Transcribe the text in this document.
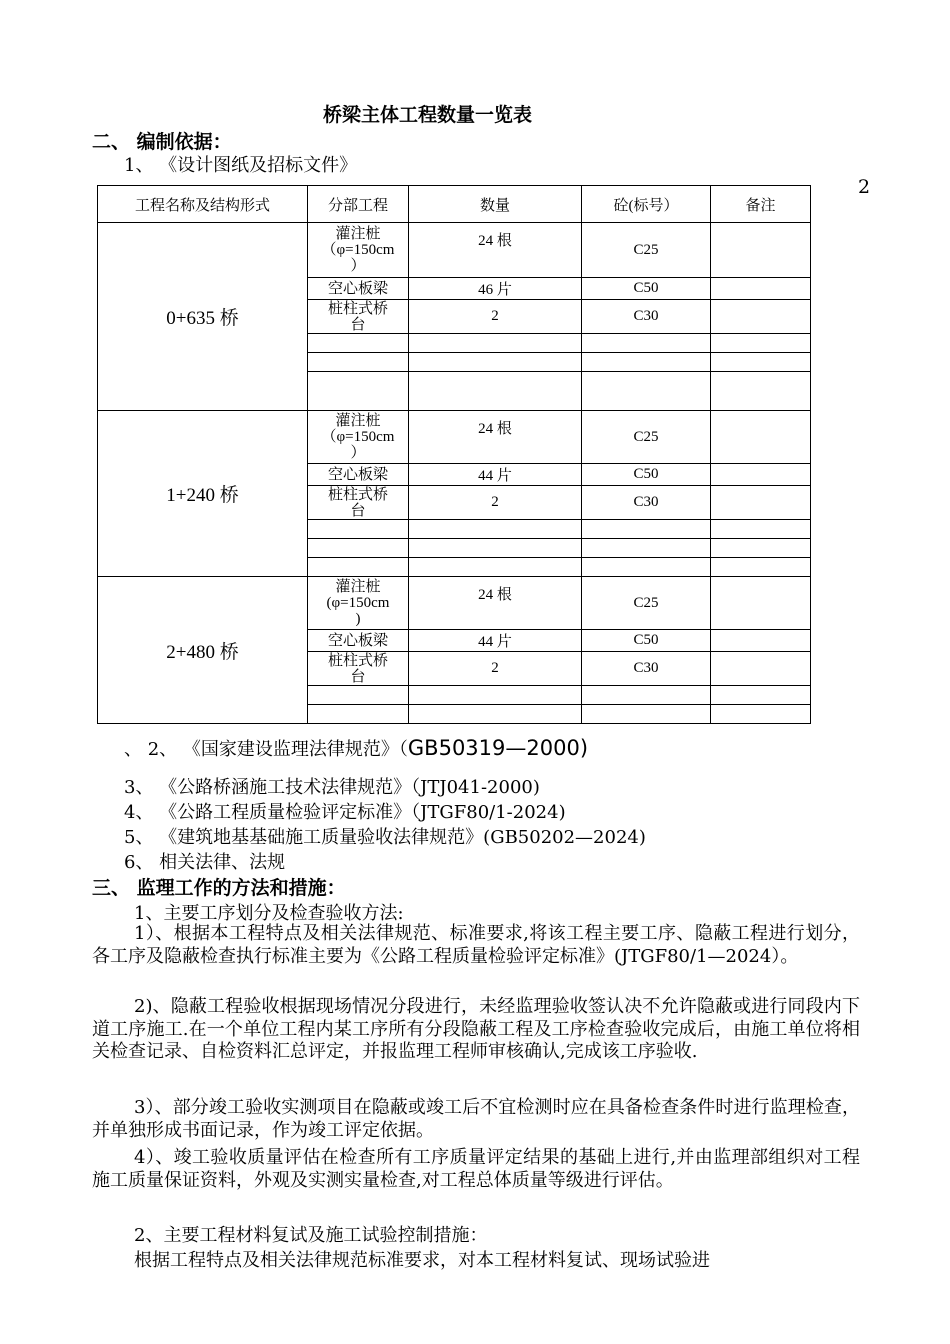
桥梁主体工程数量一览表
二、 编制依据：
1、 《设计图纸及招标文件》
2
工程名称及结构形式	分部工程	数量	砼(标号）	备注
0+635 桥	灌注桩
（φ=150cm
）	24 根	C25	

	空心板梁	46 片	C50	

	桩柱式桥
台	2	C30	

1+240 桥	灌注桩
（φ=150cm
）	24 根	C25	

	空心板梁	44 片	C50	

	桩柱式桥
台	2	C30	

2+480 桥	灌注桩
(φ=150cm
)	24 根	C25	

	空心板梁	44 片	C50	

	桩柱式桥
台	2	C30	

、 2、 《国家建设监理法律规范》（GB50319—2000)
3、 《公路桥涵施工技术法律规范》（JTJ041-2000)
4、 《公路工程质量检验评定标准》（JTGF80/1-2024)
5、 《建筑地基基础施工质量验收法律规范》(GB50202—2024)
6、 相关法律、法规
三、 监理工作的方法和措施：
1、主要工序划分及检查验收方法:
1）、根据本工程特点及相关法律规范、标准要求,将该工程主要工序、隐蔽工程进行划分，各工序及隐蔽检查执行标准主要为《公路工程质量检验评定标准》(JTGF80/1—2024）。
2)、隐蔽工程验收根据现场情况分段进行，未经监理验收签认决不允许隐蔽或进行同段内下道工序施工.在一个单位工程内某工序所有分段隐蔽工程及工序检查验收完成后，由施工单位将相关检查记录、自检资料汇总评定，并报监理工程师审核确认,完成该工序验收.
3）、部分竣工验收实测项目在隐蔽或竣工后不宜检测时应在具备检查条件时进行监理检查，并单独形成书面记录，作为竣工评定依据。
4）、竣工验收质量评估在检查所有工序质量评定结果的基础上进行,并由监理部组织对工程施工质量保证资料，外观及实测实量检查,对工程总体质量等级进行评估。
2、主要工程材料复试及施工试验控制措施：
根据工程特点及相关法律规范标准要求，对本工程材料复试、现场试验进
